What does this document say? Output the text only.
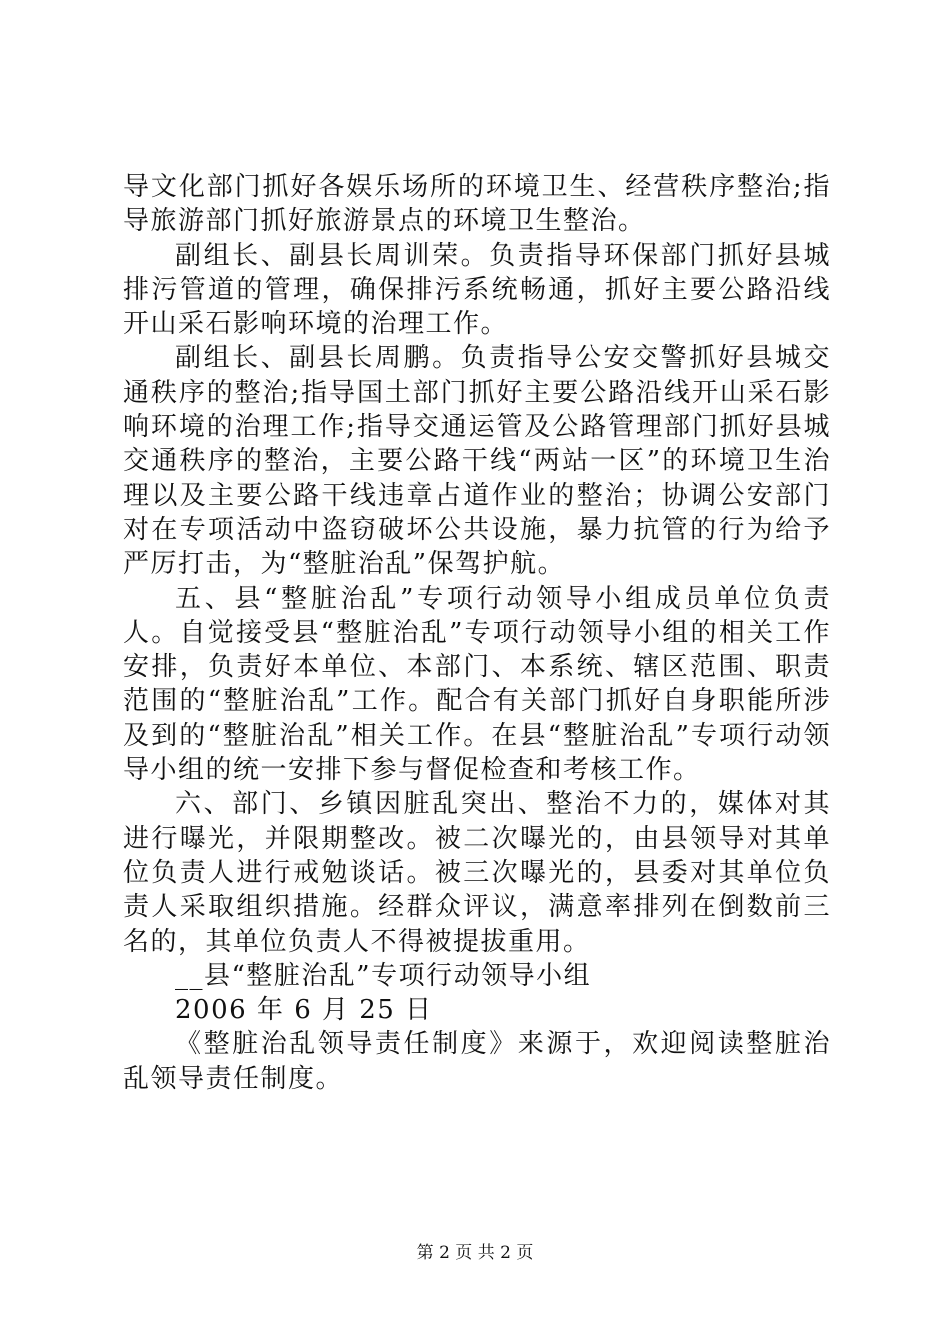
导文化部门抓好各娱乐场所的环境卫生、经营秩序整治;指导旅游部门抓好旅游景点的环境卫生整治。

副组长、副县长周训荣。负责指导环保部门抓好县城排污管道的管理，确保排污系统畅通，抓好主要公路沿线开山采石影响环境的治理工作。

副组长、副县长周鹏。负责指导公安交警抓好县城交通秩序的整治;指导国土部门抓好主要公路沿线开山采石影响环境的治理工作;指导交通运管及公路管理部门抓好县城交通秩序的整治，主要公路干线“两站一区”的环境卫生治理以及主要公路干线违章占道作业的整治；协调公安部门对在专项活动中盗窃破坏公共设施，暴力抗管的行为给予严厉打击，为“整脏治乱”保驾护航。

五、县“整脏治乱”专项行动领导小组成员单位负责人。自觉接受县“整脏治乱”专项行动领导小组的相关工作安排，负责好本单位、本部门、本系统、辖区范围、职责范围的“整脏治乱”工作。配合有关部门抓好自身职能所涉及到的“整脏治乱”相关工作。在县“整脏治乱”专项行动领导小组的统一安排下参与督促检查和考核工作。

六、部门、乡镇因脏乱突出、整治不力的，媒体对其进行曝光，并限期整改。被二次曝光的，由县领导对其单位负责人进行戒勉谈话。被三次曝光的，县委对其单位负责人采取组织措施。经群众评议，满意率排列在倒数前三名的，其单位负责人不得被提拔重用。

__县“整脏治乱”专项行动领导小组

2006 年 6 月 25 日

《整脏治乱领导责任制度》来源于，欢迎阅读整脏治乱领导责任制度。

第 2 页 共 2 页
